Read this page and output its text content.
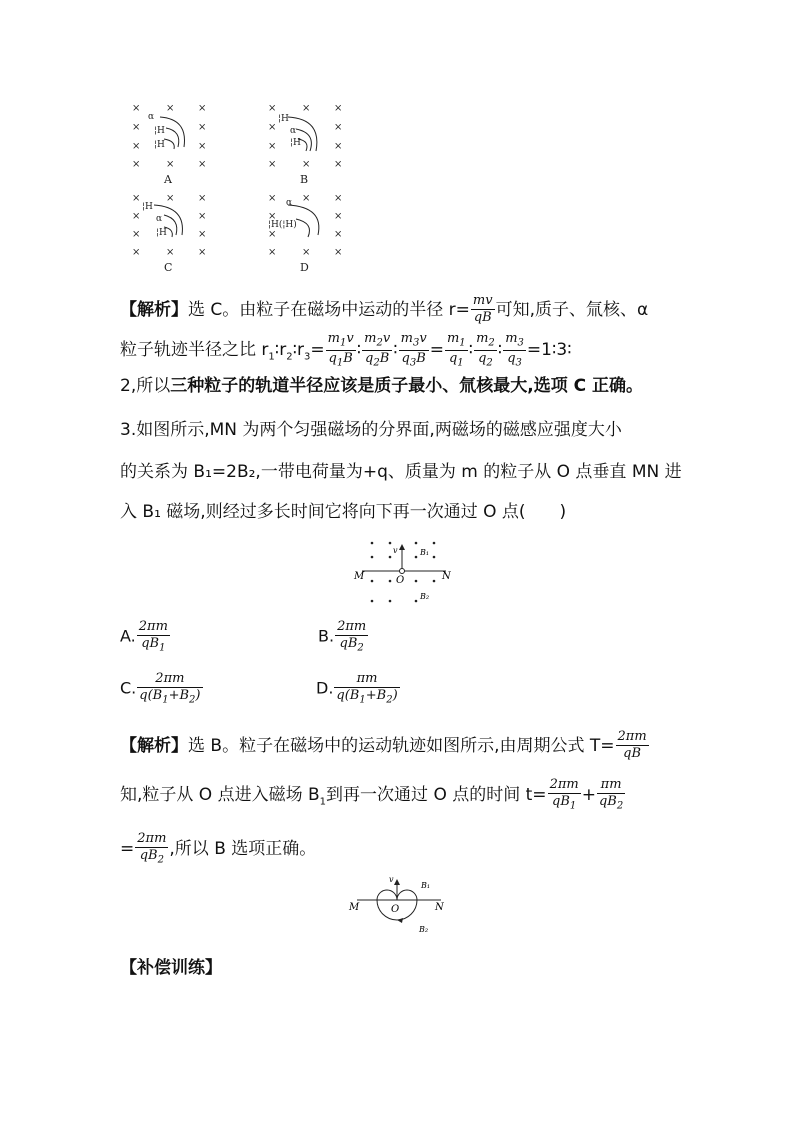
×	× ×
×	×
×	×
×	× ×
α
¦H
¦H
A
×	× ×
×	×
×	×
×	× ×
¦H
α
¦H
B
×	× ×
×	×
×	×
×	× ×
¦H
α
¦H
C
×	× ×
×	×
×	×
×	× ×
α
¦H(¦H)
D
【解析】选 C。由粒子在磁场中运动的半径 $r= \frac{mv}{qB}$ 可知,质子、氚核、α
粒子轨迹半径之比 $r_1∶r_2∶r_3= \frac{m_1v}{q_1B}$ ∶ $\frac{m_2v}{q_2B}$ ∶ $\frac{m_3v}{q_3B} = \frac{m_1}{q_1}$ ∶ $\frac{m_2}{q_2}$ ∶ $\frac{m_3}{q_3}$ =1∶3∶
2,所以三种粒子的轨道半径应该是质子最小、氚核最大,选项 C 正确。
3.如图所示,MN 为两个匀强磁场的分界面,两磁场的磁感应强度大小
的关系为 B₁=2B₂,一带电荷量为+q、质量为 m 的粒子从 O 点垂直 MN 进
入 B₁ 磁场,则经过多长时间它将向下再一次通过 O 点(　　)
M	N
O
v	B₁
B₂
A. $\frac{2\pi m}{qB_1}$	B. $\frac{2\pi m}{qB_2}$
C. $\frac{2\pi m}{q(B_1+B_2)}$	D. $\frac{\pi m}{q(B_1+B_2)}$
【解析】选 B。粒子在磁场中的运动轨迹如图所示,由周期公式 $T= \frac{2\pi m}{qB}$
知,粒子从 O 点进入磁场 $B_1$到再一次通过 O 点的时间 $t= \frac{2\pi m}{qB_1} + \frac{\pi m}{qB_2}$
= $\frac{2\pi m}{qB_2}$ ,所以 B 选项正确。
M	N
O
v
B₁
B₂
【补偿训练】
